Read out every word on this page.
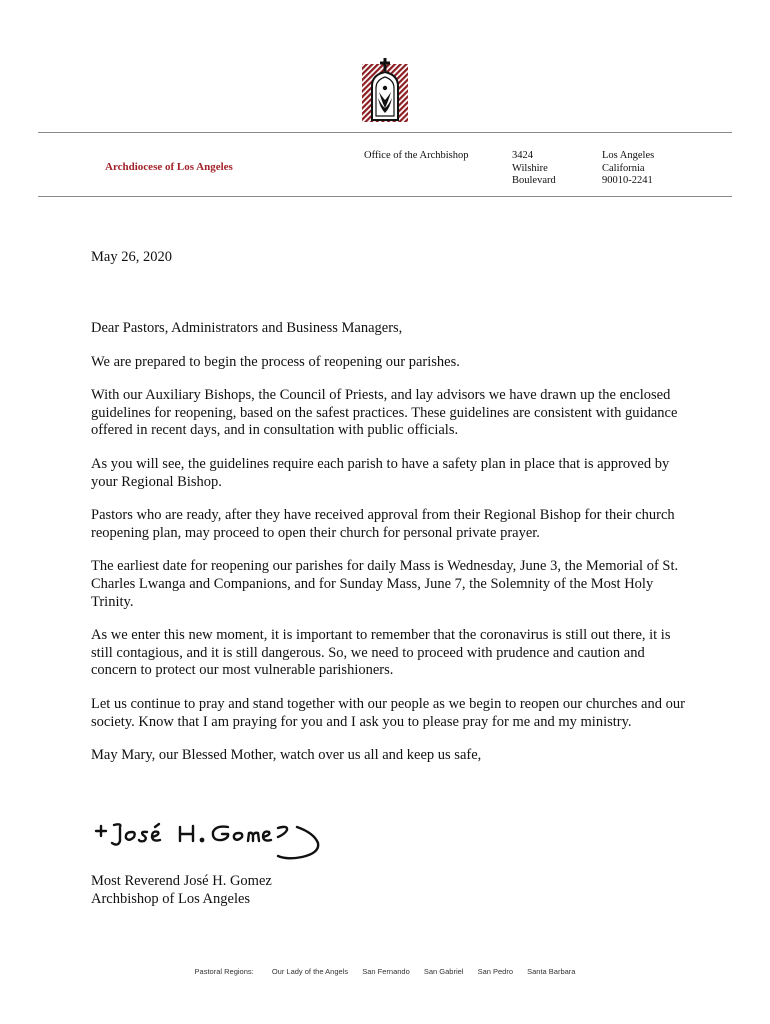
Archdiocese of Los Angeles
Office of the Archbishop	3424
Wilshire
Boulevard
Los Angeles
California
90010-2241
May 26, 2020

Dear Pastors, Administrators and Business Managers,

We are prepared to begin the process of reopening our parishes.

With our Auxiliary Bishops, the Council of Priests, and lay advisors we have drawn up the enclosed guidelines for reopening, based on the safest practices. These guidelines are consistent with guidance offered in recent days, and in consultation with public officials.

As you will see, the guidelines require each parish to have a safety plan in place that is approved by your Regional Bishop.

Pastors who are ready, after they have received approval from their Regional Bishop for their church reopening plan, may proceed to open their church for personal private prayer.

The earliest date for reopening our parishes for daily Mass is Wednesday, June 3, the Memorial of St. Charles Lwanga and Companions, and for Sunday Mass, June 7, the Solemnity of the Most Holy Trinity.

As we enter this new moment, it is important to remember that the coronavirus is still out there, it is still contagious, and it is still dangerous. So, we need to proceed with prudence and caution and concern to protect our most vulnerable parishioners.

Let us continue to pray and stand together with our people as we begin to reopen our churches and our society. Know that I am praying for you and I ask you to please pray for me and my ministry.

May Mary, our Blessed Mother, watch over us all and keep us safe,

Most Reverend José H. Gomez
Archbishop of Los Angeles
Pastoral Regions: Our Lady of the Angels San Fernando San Gabriel San Pedro Santa Barbara
